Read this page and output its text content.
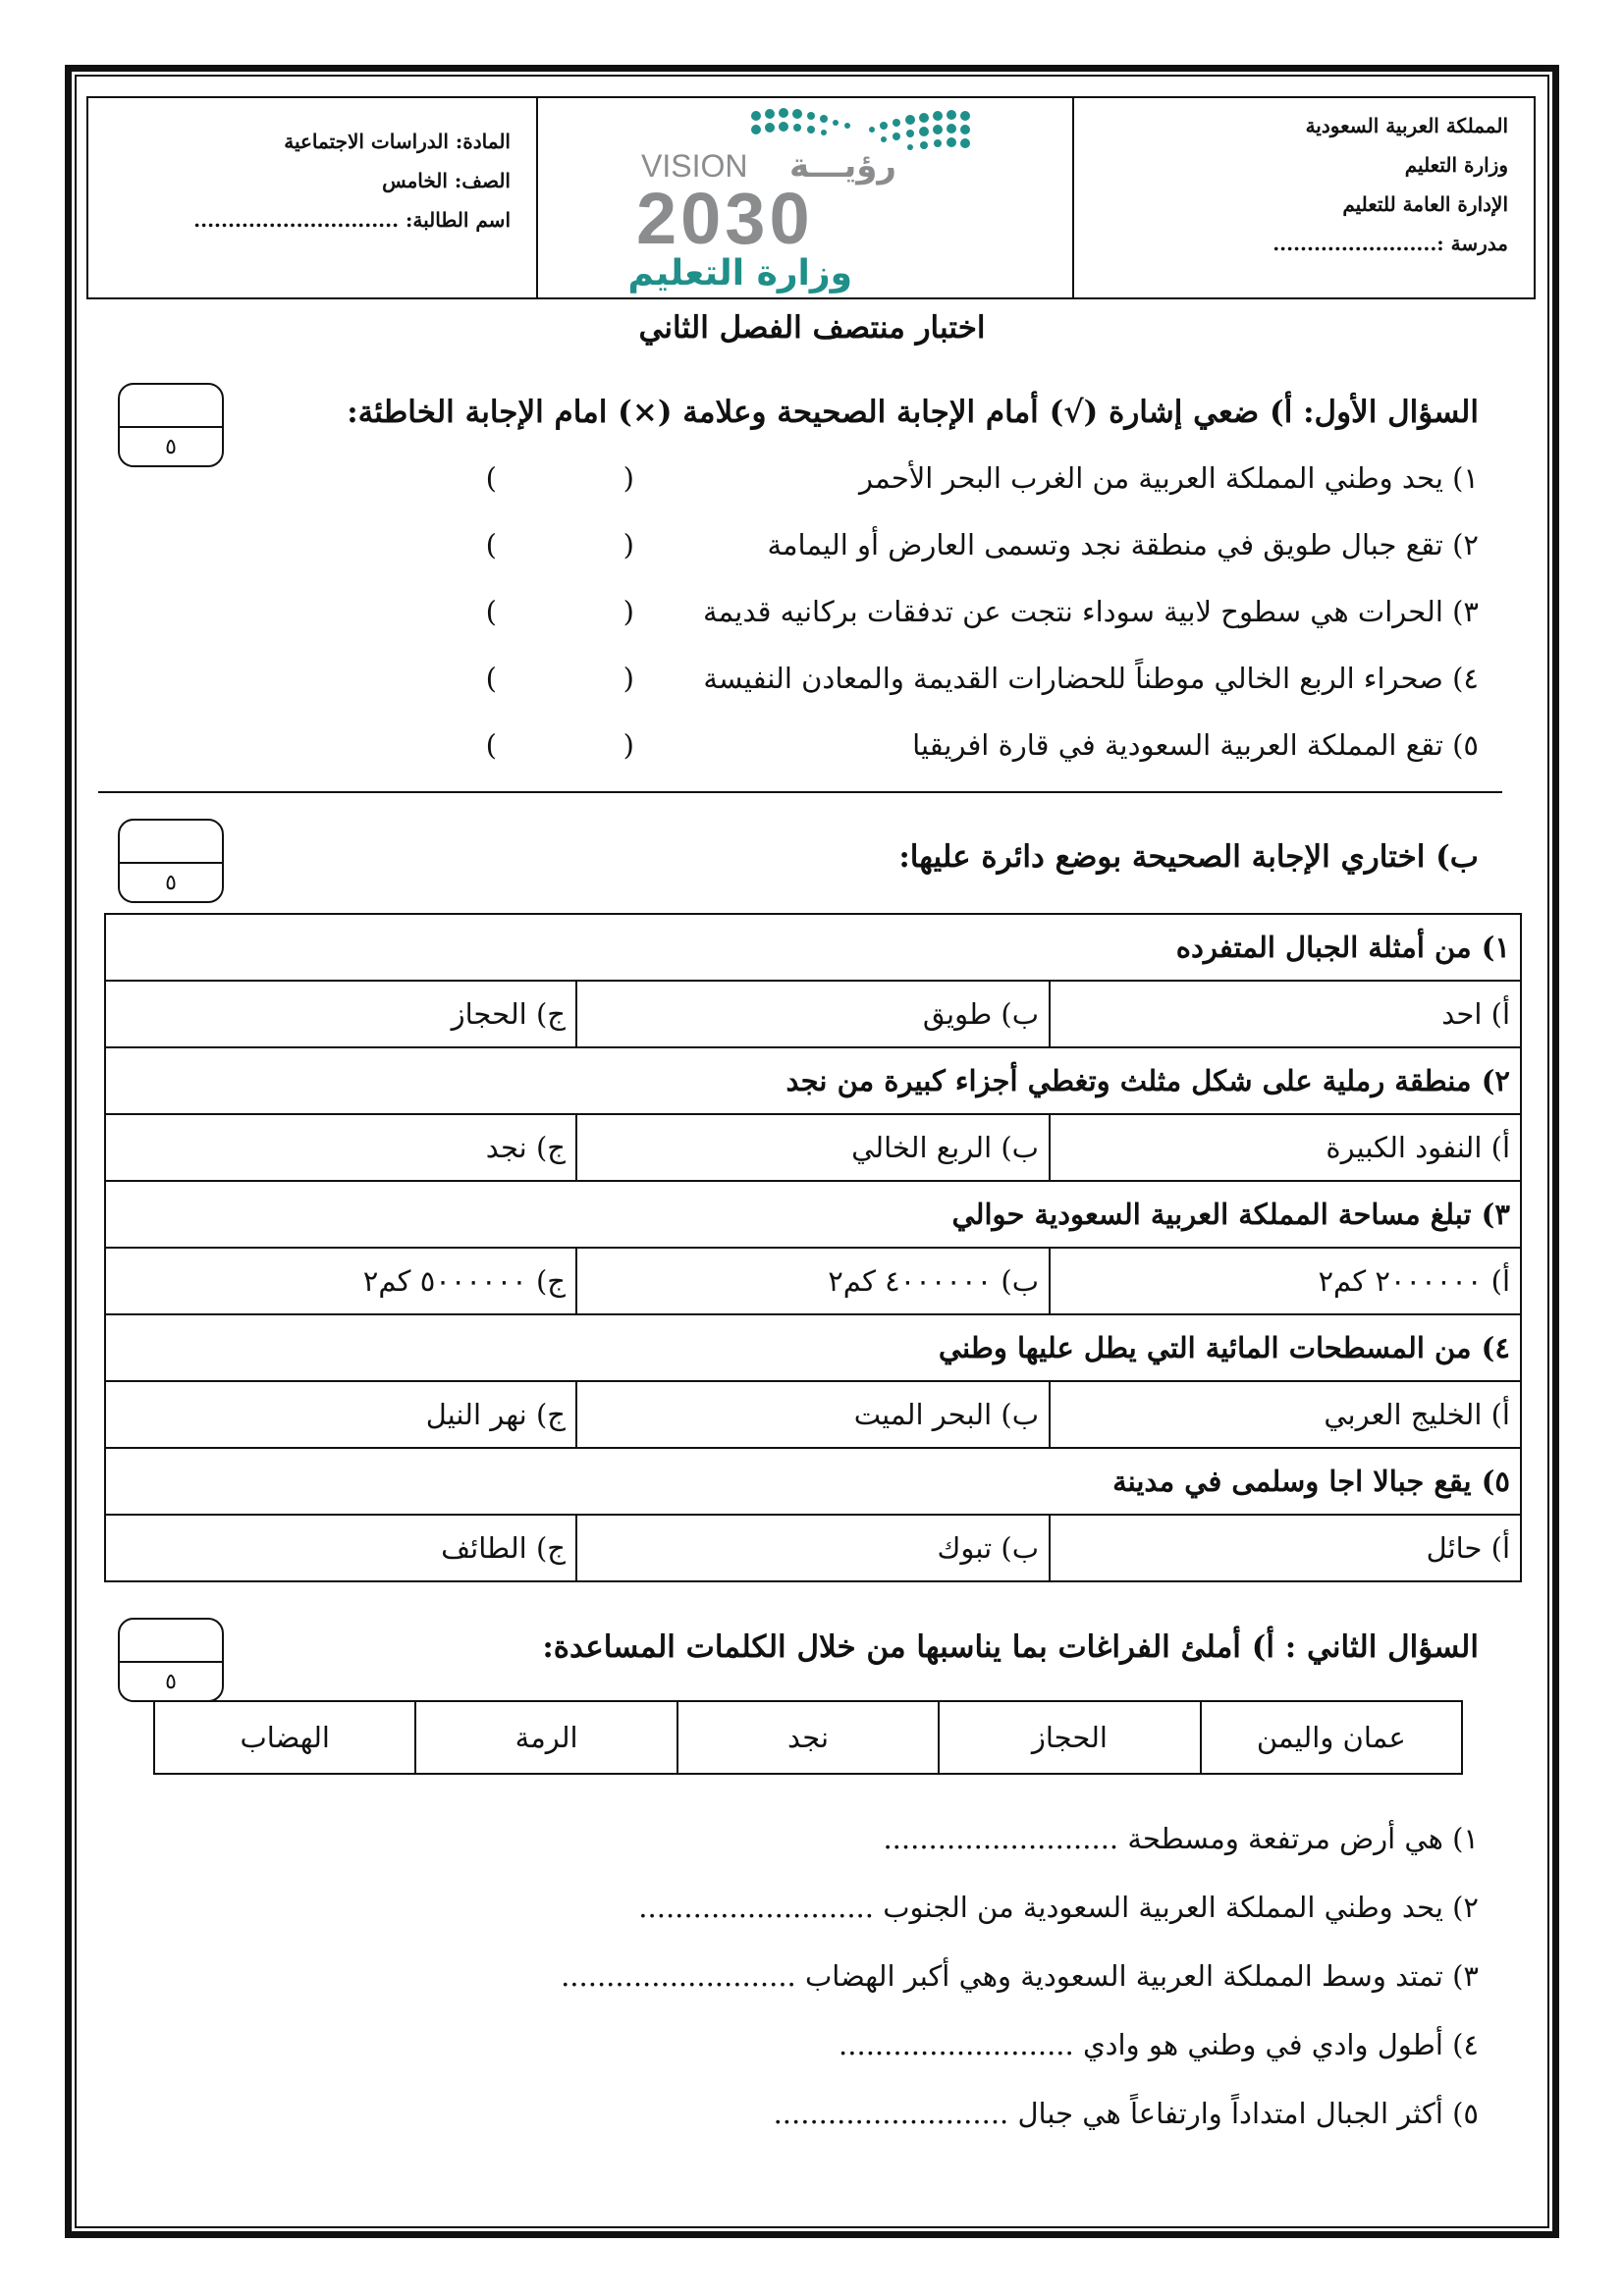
المملكة العربية السعودية
وزارة التعليم
الإدارة العامة للتعليم
مدرسة :........................
VISION رؤيـــة
2030
وزارة التعليم
المادة: الدراسات الاجتماعية
الصف: الخامس
اسم الطالبة: ..............................
اختبار منتصف الفصل الثاني
السؤال الأول: أ) ضعي إشارة (√) أمام الإجابة الصحيحة وعلامة (×) امام الإجابة الخاطئة:
٥
١) يحد وطني المملكة العربية من الغرب البحر الأحمر
(
)
٢) تقع جبال طويق في منطقة نجد وتسمى العارض أو اليمامة
(
)
٣) الحرات هي سطوح لابية سوداء نتجت عن تدفقات بركانيه قديمة
(
)
٤) صحراء الربع الخالي موطناً للحضارات القديمة والمعادن النفيسة
(
)
٥) تقع المملكة العربية السعودية في قارة افريقيا
(
)
ب) اختاري الإجابة الصحيحة بوضع دائرة عليها:
٥
١) من أمثلة الجبال المتفرده		
أ) احد	ب) طويق	ج) الحجاز
٢) منطقة رملية على شكل مثلث وتغطي أجزاء كبيرة من نجد		
أ) النفود الكبيرة	ب) الربع الخالي	ج) نجد
٣) تبلغ مساحة المملكة العربية السعودية حوالي		
أ) ٢٠٠٠٠٠٠ كم٢	ب) ٤٠٠٠٠٠٠ كم٢	ج) ٥٠٠٠٠٠٠ كم٢
٤) من المسطحات المائية التي يطل عليها وطني		
أ) الخليج العربي	ب) البحر الميت	ج) نهر النيل
٥) يقع جبالا اجا وسلمى في مدينة		
أ) حائل	ب) تبوك	ج) الطائف
السؤال الثاني : أ) أملئ الفراغات بما يناسبها من خلال الكلمات المساعدة:
٥
عمان واليمن	الحجاز	نجد	الرمة	الهضاب
١) هي أرض مرتفعة ومسطحة ..........................
٢) يحد وطني المملكة العربية السعودية من الجنوب ..........................
٣) تمتد وسط المملكة العربية السعودية وهي أكبر الهضاب ..........................
٤) أطول وادي في وطني هو وادي ..........................
٥) أكثر الجبال امتداداً وارتفاعاً هي جبال ..........................
